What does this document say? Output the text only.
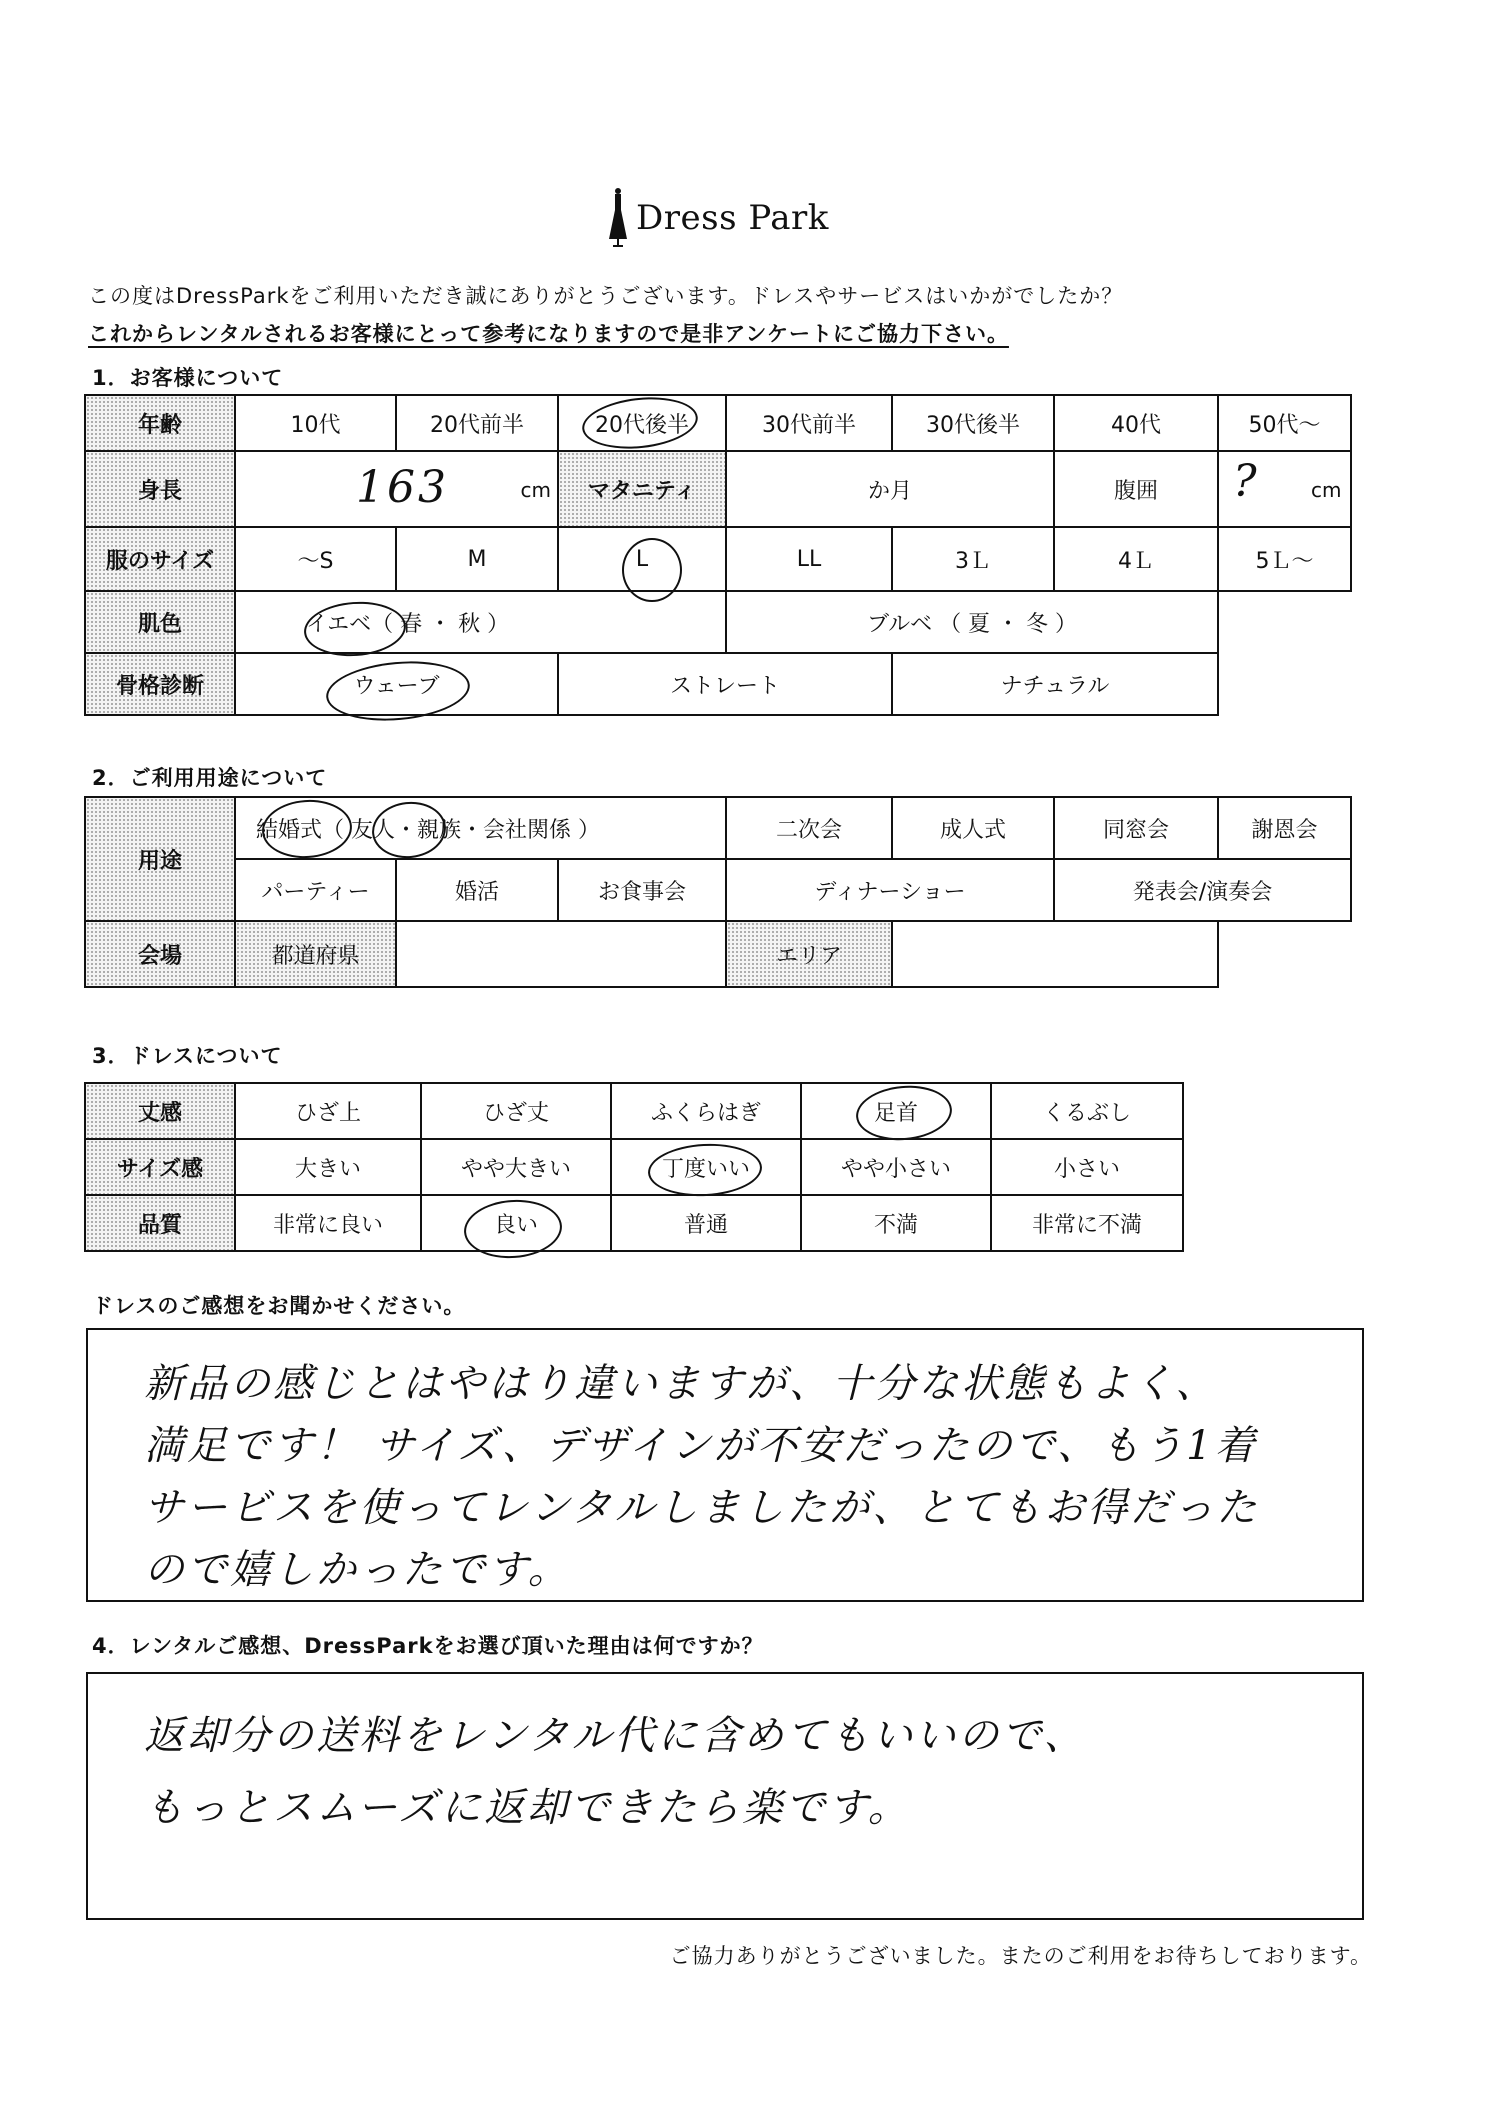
Dress Park
この度はDressParkをご利用いただき誠にありがとうございます。ドレスやサービスはいかがでしたか？
これからレンタルされるお客様にとって参考になりますので是非アンケートにご協力下さい。
1．お客様について
年齢	10代	20代前半	20代後半	30代前半	30代後半	40代	50代～
身長	163 cm		マタニティ	か月		腹囲	? cm

服のサイズ	～S	M	L	LL	3Ｌ	4Ｌ	5Ｌ～
肌色	イエベ（ 春 ・ 秋 ）			ブルベ （ 夏 ・ 冬 ）			
骨格診断	ウェーブ		ストレート		ナチュラル		
2．ご利用用途について
用途	結婚式（ 友人・親族・会社関係 ）			二次会	成人式	同窓会	謝恩会
	パーティー	婚活	お食事会	ディナーショー		発表会/演奏会	
会場	都道府県			エリア			
3．ドレスについて
丈感	ひざ上	ひざ丈	ふくらはぎ	足首	くるぶし
サイズ感	大きい	やや大きい	丁度いい	やや小さい	小さい
品質	非常に良い	良い	普通	不満	非常に不満
ドレスのご感想をお聞かせください。
新品の感じとはやはり違いますが、十分な状態もよく、
満足です！ サイズ、デザインが不安だったので、もう1着
サービスを使ってレンタルしましたが、とてもお得だった
ので嬉しかったです。
4．レンタルご感想、DressParkをお選び頂いた理由は何ですか？
返却分の送料をレンタル代に含めてもいいので、
もっとスムーズに返却できたら楽です。
ご協力ありがとうございました。またのご利用をお待ちしております。
